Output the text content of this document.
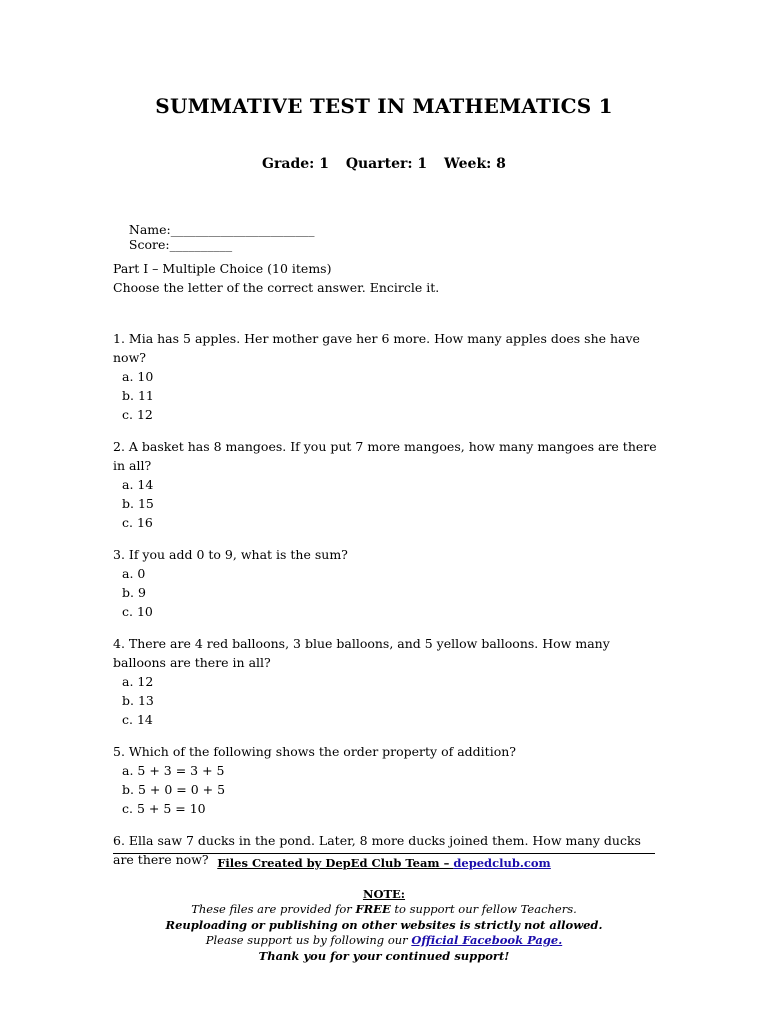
SUMMATIVE TEST IN MATHEMATICS 1
Grade: 1 Quarter: 1 Week: 8

Name:_______________________
Score:__________

Part I – Multiple Choice (10 items)
Choose the letter of the correct answer. Encircle it.

1. Mia has 5 apples. Her mother gave her 6 more. How many apples does she have now?

a. 10
b. 11
c. 12

2. A basket has 8 mangoes. If you put 7 more mangoes, how many mangoes are there in all?

a. 14
b. 15
c. 16

3. If you add 0 to 9, what is the sum?

a. 0
b. 9
c. 10

4. There are 4 red balloons, 3 blue balloons, and 5 yellow balloons. How many balloons are there in all?

a. 12
b. 13
c. 14

5. Which of the following shows the order property of addition?

a. 5 + 3 = 3 + 5
b. 5 + 0 = 0 + 5
c. 5 + 5 = 10

6. Ella saw 7 ducks in the pond. Later, 8 more ducks joined them. How many ducks are there now? Files Created by DepEd Club Team – depedclub.com
NOTE:
These files are provided for FREE to support our fellow Teachers.
Reuploading or publishing on other websites is strictly not allowed.
Please support us by following our Official Facebook Page.
Thank you for your continued support!
